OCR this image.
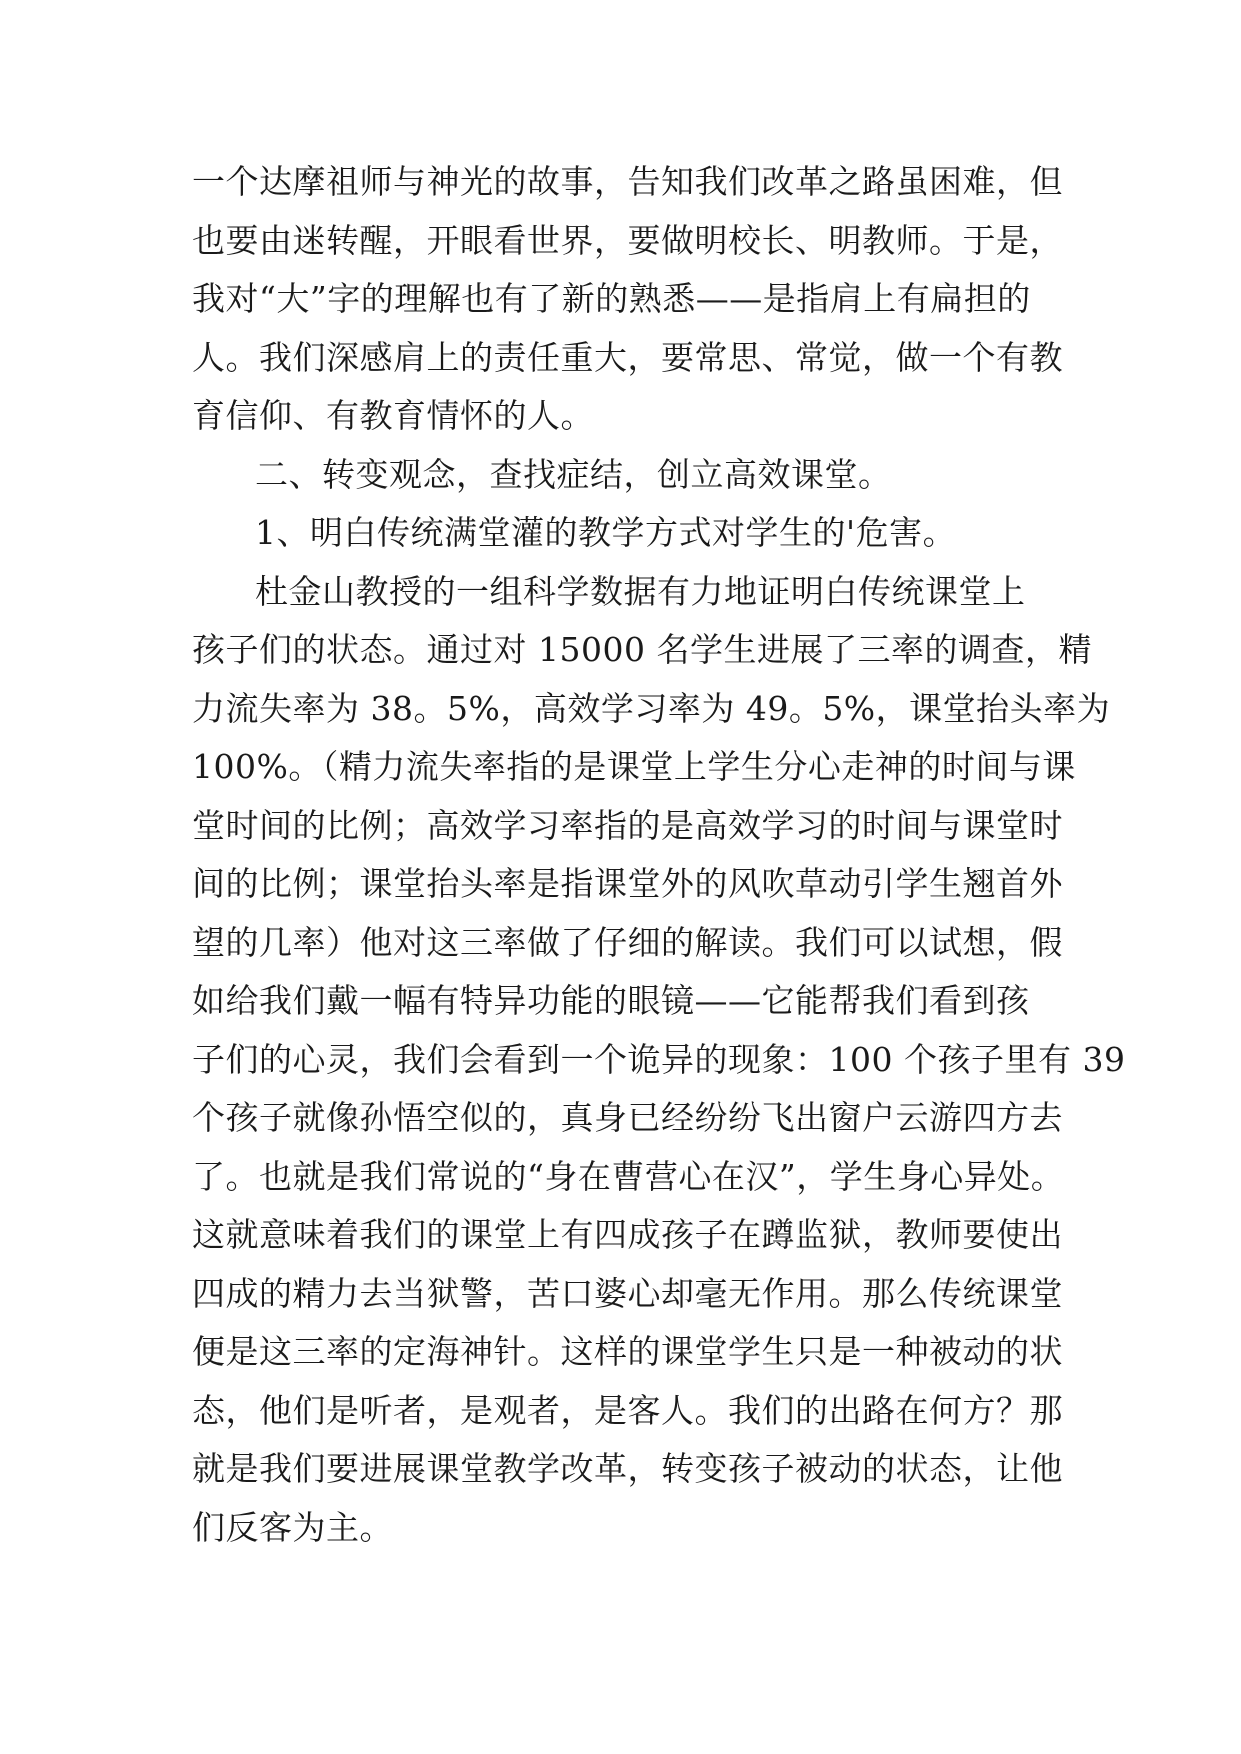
一个达摩祖师与神光的故事，告知我们改革之路虽困难，但
也要由迷转醒，开眼看世界，要做明校长、明教师。于是，
我对“大”字的理解也有了新的熟悉——是指肩上有扁担的
人。我们深感肩上的责任重大，要常思、常觉，做一个有教
育信仰、有教育情怀的人。
二、转变观念，查找症结，创立高效课堂。
1、明白传统满堂灌的教学方式对学生的'危害。
杜金山教授的一组科学数据有力地证明白传统课堂上
孩子们的状态。通过对 15000 名学生进展了三率的调查，精
力流失率为 38。5%，高效学习率为 49。5%，课堂抬头率为
100%。（精力流失率指的是课堂上学生分心走神的时间与课
堂时间的比例；高效学习率指的是高效学习的时间与课堂时
间的比例；课堂抬头率是指课堂外的风吹草动引学生翘首外
望的几率）他对这三率做了仔细的解读。我们可以试想，假
如给我们戴一幅有特异功能的眼镜——它能帮我们看到孩
子们的心灵，我们会看到一个诡异的现象：100 个孩子里有 39
个孩子就像孙悟空似的，真身已经纷纷飞出窗户云游四方去
了。也就是我们常说的“身在曹营心在汉”，学生身心异处。
这就意味着我们的课堂上有四成孩子在蹲监狱，教师要使出
四成的精力去当狱警，苦口婆心却毫无作用。那么传统课堂
便是这三率的定海神针。这样的课堂学生只是一种被动的状
态，他们是听者，是观者，是客人。我们的出路在何方？那
就是我们要进展课堂教学改革，转变孩子被动的状态，让他
们反客为主。
